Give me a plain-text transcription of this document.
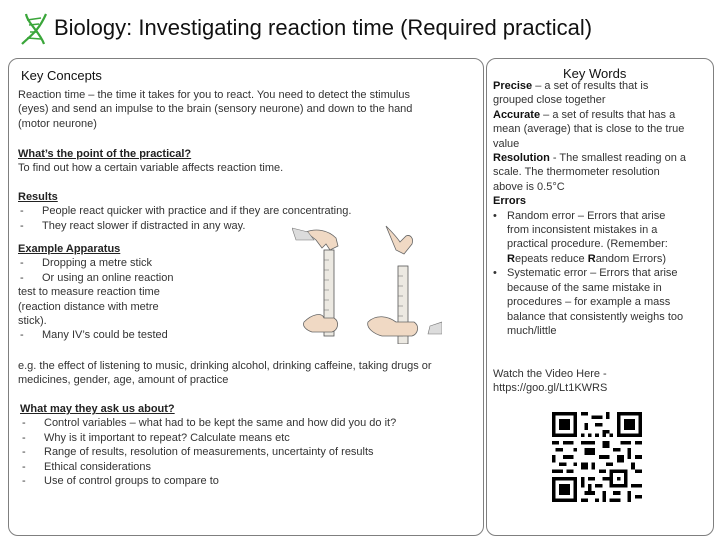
Biology: Investigating reaction time (Required practical)
Key Concepts
Reaction time – the time it takes for you to react. You need to detect the stimulus
(eyes) and send an impulse to the brain (sensory neurone) and down to the hand
(motor neurone)
What’s the point of the practical?
To find out how a certain variable affects reaction time.
Results
-	People react quicker with practice and if they are concentrating.
-	They react slower if distracted in any way.
Example Apparatus
-	Dropping a metre stick
-	Or using an online reaction
test to measure reaction time
(reaction distance with metre
stick).
-	Many IV’s could be tested
e.g. the effect of listening to music, drinking alcohol, drinking caffeine, taking drugs or
medicines, gender, age, amount of practice
What may they ask us about?
-	Control variables – what had to be kept the same and how did you do it?
-	Why is it important to repeat? Calculate means etc
-	Range of results, resolution of measurements, uncertainty of results
-	Ethical considerations
-	Use of control groups to compare to
Key Words
Precise – a set of results that is
grouped close together
Accurate – a set of results that has a
mean (average) that is close to the true
value
Resolution - The smallest reading on a
scale. The thermometer resolution
above is 0.5°C
Errors
• Random error – Errors that arise
from inconsistent mistakes in a
practical procedure. (Remember:
Repeats reduce Random Errors)
• Systematic error – Errors that arise
because of the same mistake in
procedures – for example a mass
balance that consistently weighs too
much/little
Watch the Video Here -
https://goo.gl/Lt1KWRS
